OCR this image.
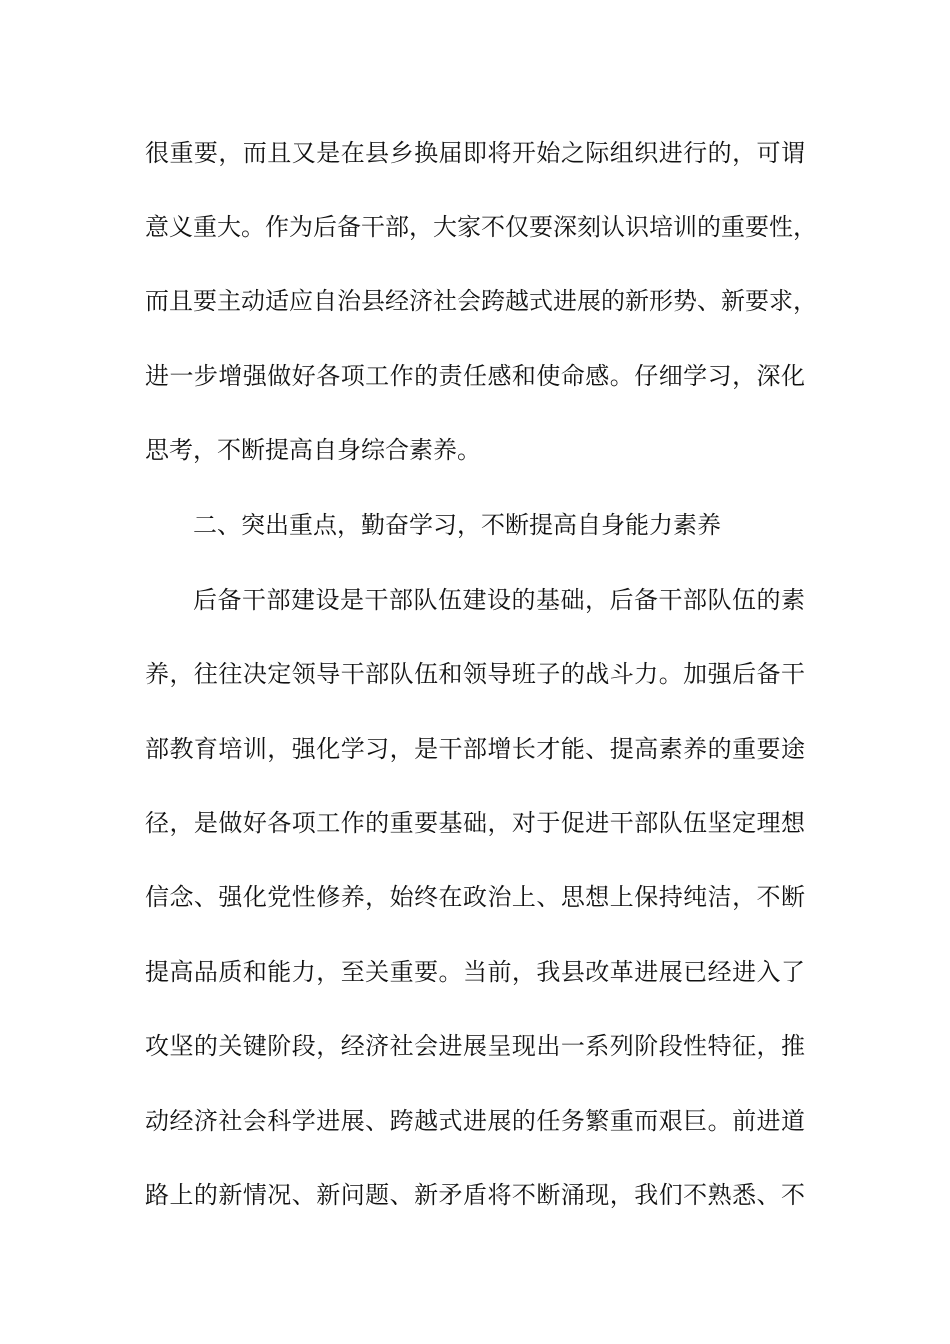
很重要，而且又是在县乡换届即将开始之际组织进行的，可谓
意义重大。作为后备干部，大家不仅要深刻认识培训的重要性，
而且要主动适应自治县经济社会跨越式进展的新形势、新要求，
进一步增强做好各项工作的责任感和使命感。仔细学习，深化
思考，不断提高自身综合素养。
二、突出重点，勤奋学习，不断提高自身能力素养
后备干部建设是干部队伍建设的基础，后备干部队伍的素
养，往往决定领导干部队伍和领导班子的战斗力。加强后备干
部教育培训，强化学习，是干部增长才能、提高素养的重要途
径，是做好各项工作的重要基础，对于促进干部队伍坚定理想
信念、强化党性修养，始终在政治上、思想上保持纯洁，不断
提高品质和能力，至关重要。当前，我县改革进展已经进入了
攻坚的关键阶段，经济社会进展呈现出一系列阶段性特征，推
动经济社会科学进展、跨越式进展的任务繁重而艰巨。前进道
路上的新情况、新问题、新矛盾将不断涌现，我们不熟悉、不
